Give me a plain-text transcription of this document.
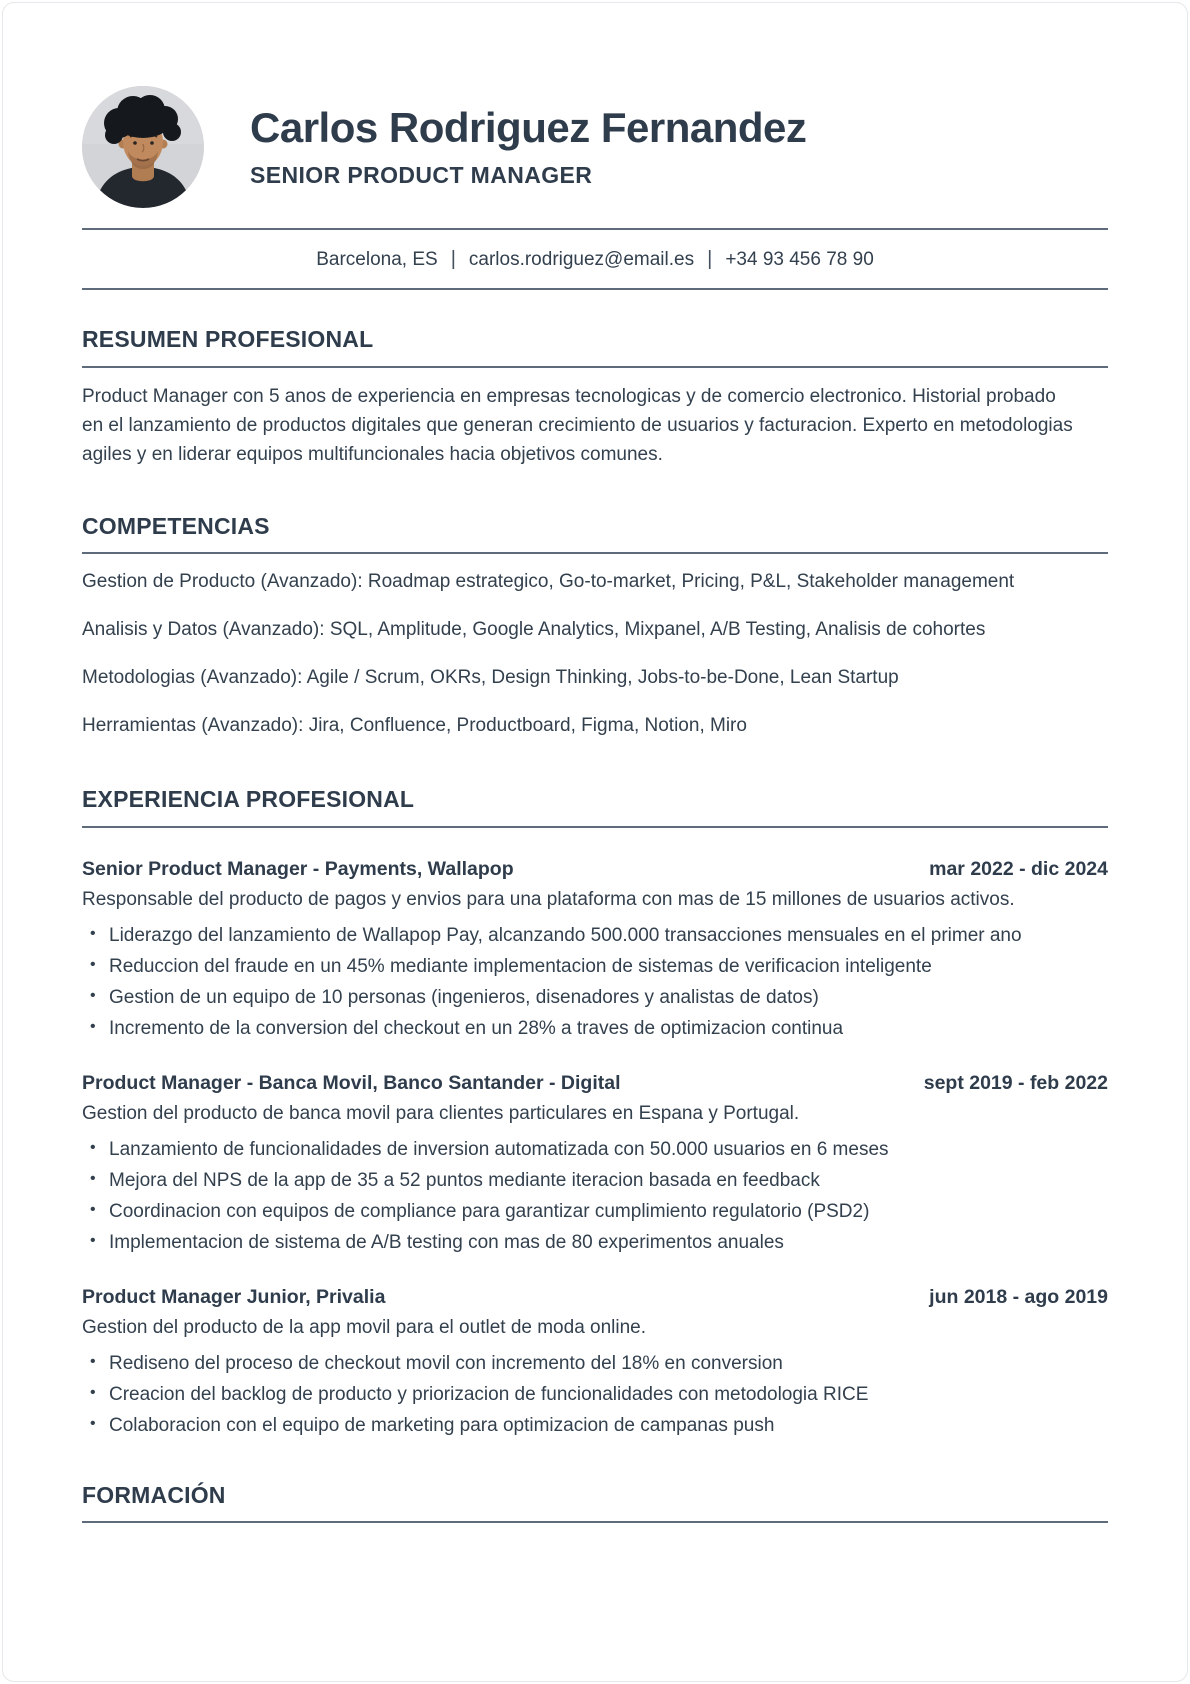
Carlos Rodriguez Fernandez
SENIOR PRODUCT MANAGER
Barcelona, ES | carlos.rodriguez@email.es | +34 93 456 78 90
RESUMEN PROFESIONAL

Product Manager con 5 anos de experiencia en empresas tecnologicas y de comercio electronico. Historial probado en el lanzamiento de productos digitales que generan crecimiento de usuarios y facturacion. Experto en metodologias agiles y en liderar equipos multifuncionales hacia objetivos comunes.

COMPETENCIAS

Gestion de Producto (Avanzado): Roadmap estrategico, Go-to-market, Pricing, P&L, Stakeholder management

Analisis y Datos (Avanzado): SQL, Amplitude, Google Analytics, Mixpanel, A/B Testing, Analisis de cohortes

Metodologias (Avanzado): Agile / Scrum, OKRs, Design Thinking, Jobs-to-be-Done, Lean Startup

Herramientas (Avanzado): Jira, Confluence, Productboard, Figma, Notion, Miro

EXPERIENCIA PROFESIONAL
Senior Product Manager - Payments, Wallapop	mar 2022 - dic 2024
Responsable del producto de pagos y envios para una plataforma con mas de 15 millones de usuarios activos.
• Liderazgo del lanzamiento de Wallapop Pay, alcanzando 500.000 transacciones mensuales en el primer ano
• Reduccion del fraude en un 45% mediante implementacion de sistemas de verificacion inteligente
• Gestion de un equipo de 10 personas (ingenieros, disenadores y analistas de datos)
• Incremento de la conversion del checkout en un 28% a traves de optimizacion continua
Product Manager - Banca Movil, Banco Santander - Digital	sept 2019 - feb 2022
Gestion del producto de banca movil para clientes particulares en Espana y Portugal.
• Lanzamiento de funcionalidades de inversion automatizada con 50.000 usuarios en 6 meses
• Mejora del NPS de la app de 35 a 52 puntos mediante iteracion basada en feedback
• Coordinacion con equipos de compliance para garantizar cumplimiento regulatorio (PSD2)
• Implementacion de sistema de A/B testing con mas de 80 experimentos anuales
Product Manager Junior, Privalia	jun 2018 - ago 2019
Gestion del producto de la app movil para el outlet de moda online.
• Rediseno del proceso de checkout movil con incremento del 18% en conversion
• Creacion del backlog de producto y priorizacion de funcionalidades con metodologia RICE
• Colaboracion con el equipo de marketing para optimizacion de campanas push
FORMACIÓN
